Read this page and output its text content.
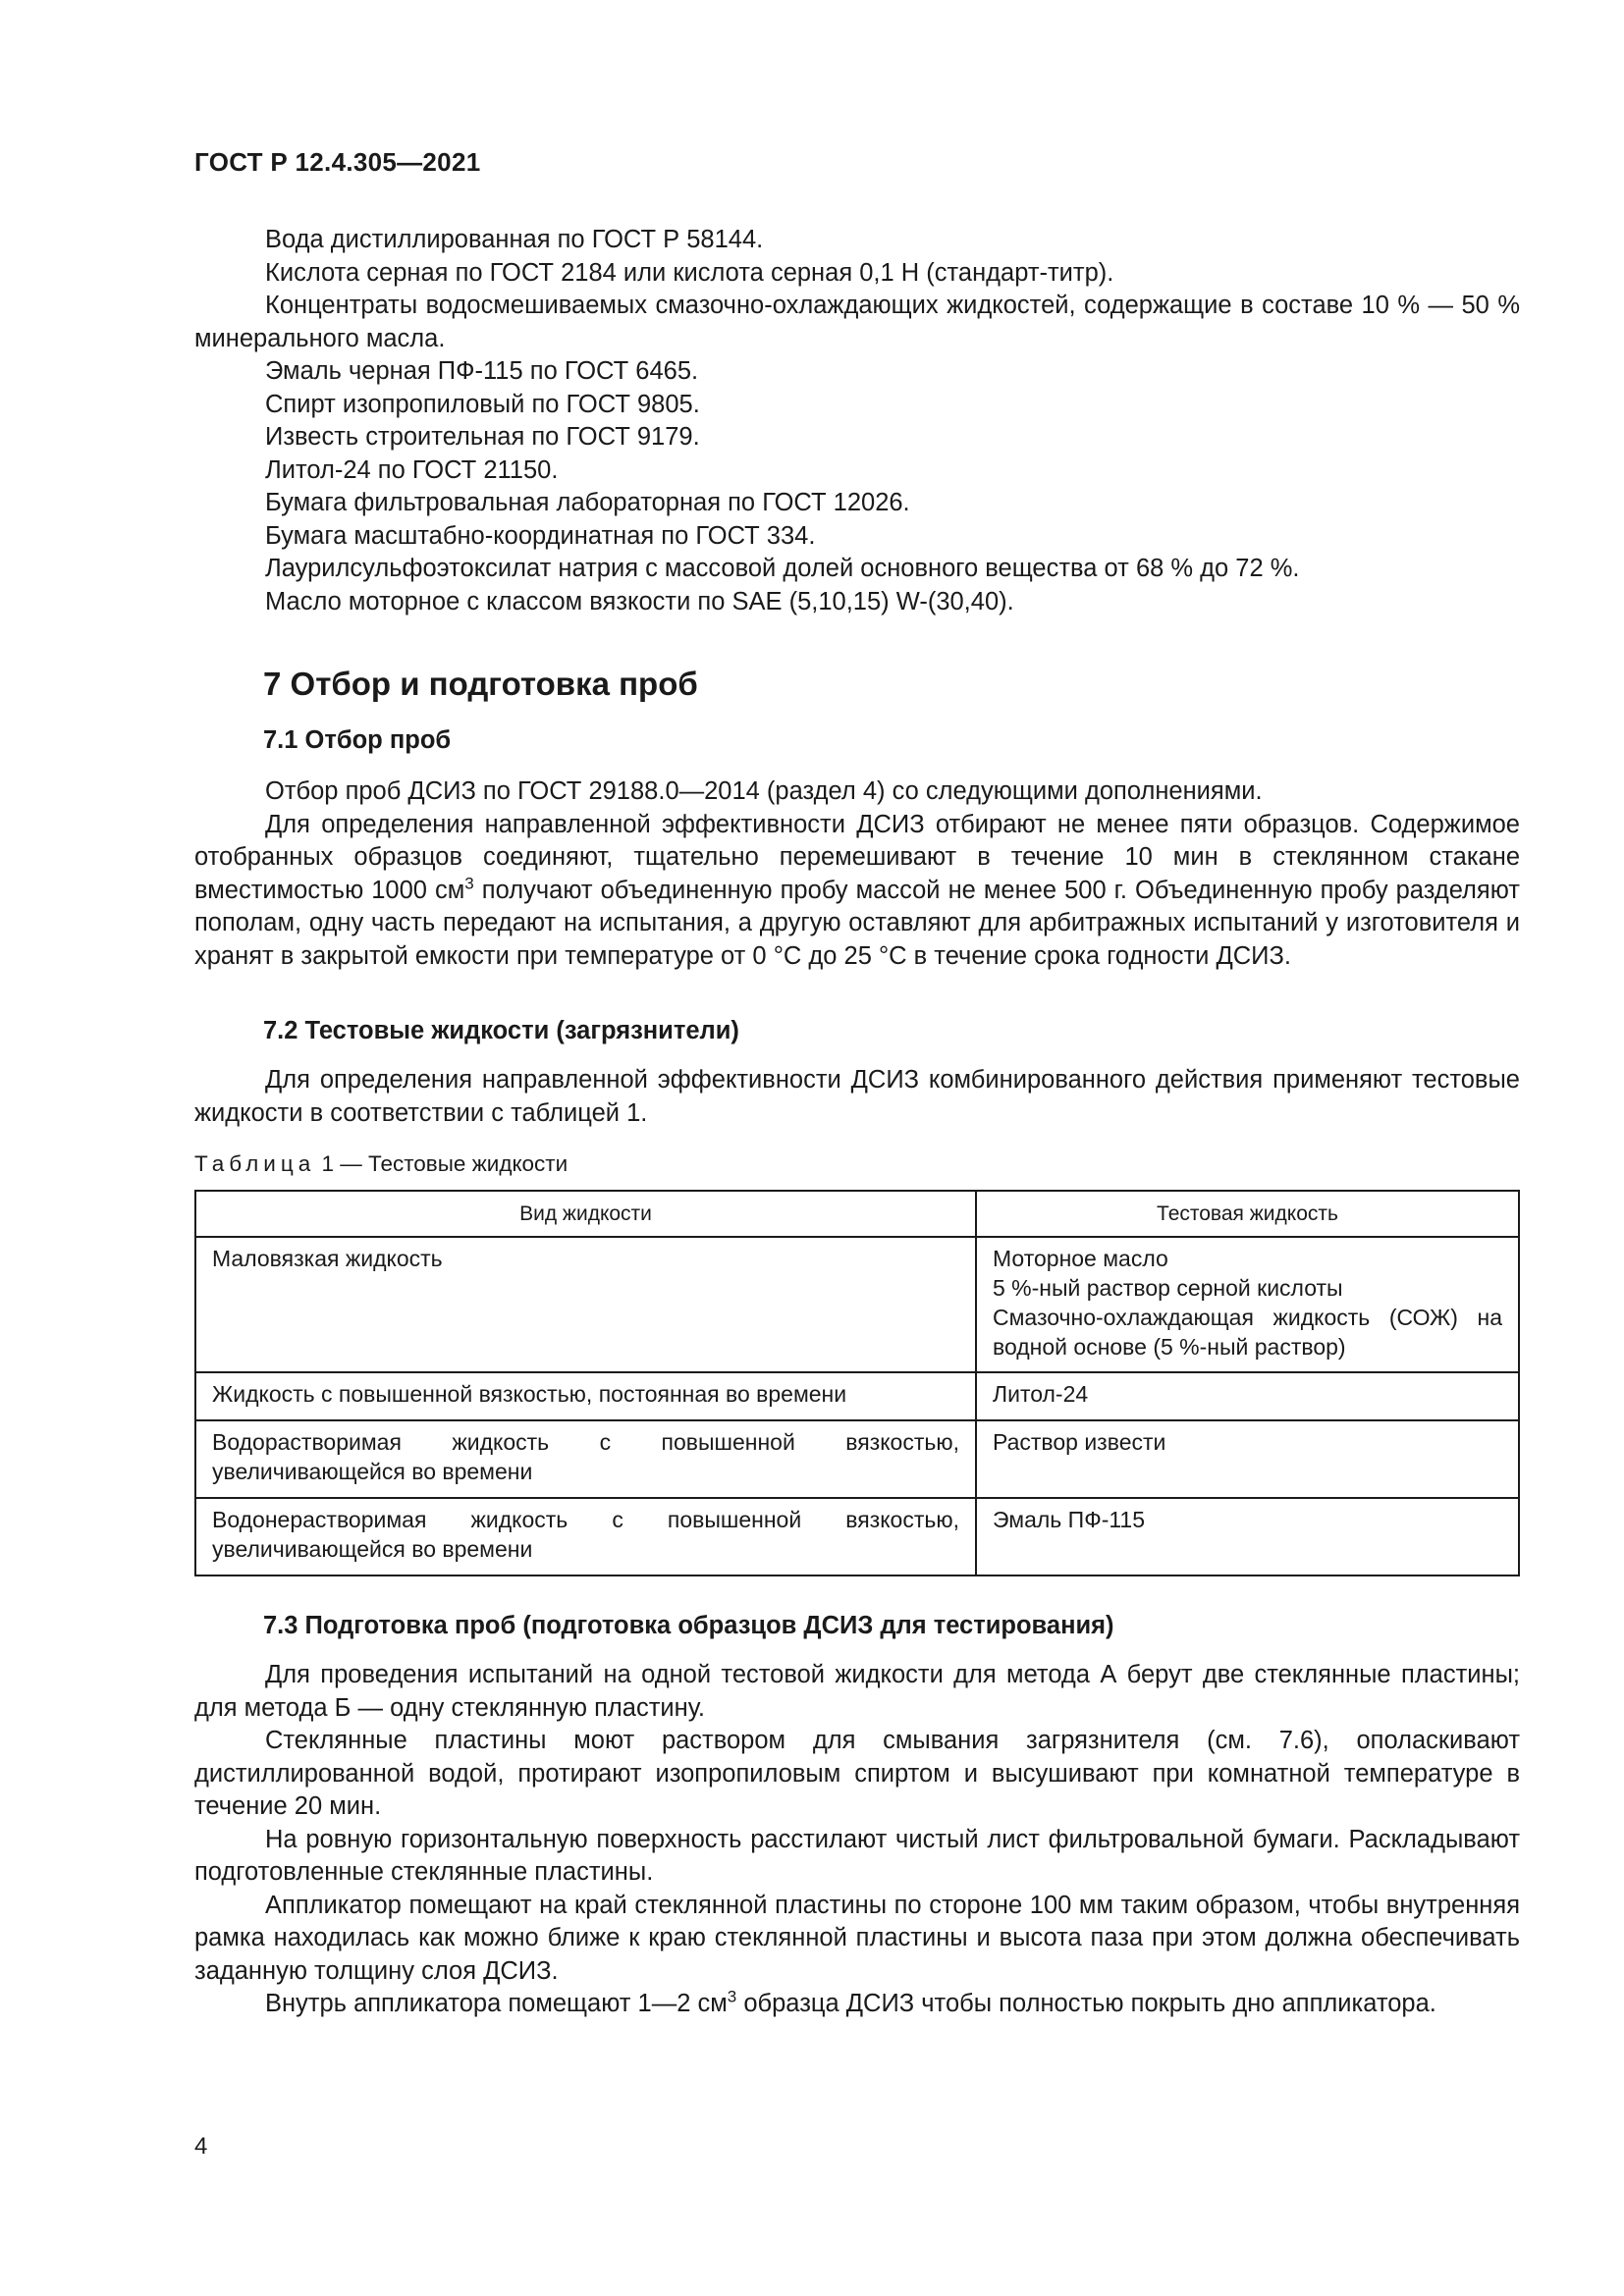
ГОСТ Р 12.4.305—2021

Вода дистиллированная по ГОСТ Р 58144.

Кислота серная по ГОСТ 2184 или кислота серная 0,1 Н (стандарт-титр).

Концентраты водосмешиваемых смазочно-охлаждающих жидкостей, содержащие в составе 10 % — 50 % минерального масла.

Эмаль черная ПФ-115 по ГОСТ 6465.

Спирт изопропиловый по ГОСТ 9805.

Известь строительная по ГОСТ 9179.

Литол-24 по ГОСТ 21150.

Бумага фильтровальная лабораторная по ГОСТ 12026.

Бумага масштабно-координатная по ГОСТ 334.

Лаурилсульфоэтоксилат натрия с массовой долей основного вещества от 68 % до 72 %.

Масло моторное с классом вязкости по SAE (5,10,15) W-(30,40).

7 Отбор и подготовка проб
7.1 Отбор проб

Отбор проб ДСИЗ по ГОСТ 29188.0—2014 (раздел 4) со следующими дополнениями.

Для определения направленной эффективности ДСИЗ отбирают не менее пяти образцов. Содержимое отобранных образцов соединяют, тщательно перемешивают в течение 10 мин в стеклянном стакане вместимостью 1000 $см^3$ получают объединенную пробу массой не менее 500 г. Объединенную пробу разделяют пополам, одну часть передают на испытания, а другую оставляют для арбитражных испытаний у изготовителя и хранят в закрытой емкости при температуре от 0 °С до 25 °С в течение срока годности ДСИЗ.

7.2 Тестовые жидкости (загрязнители)

Для определения направленной эффективности ДСИЗ комбинированного действия применяют тестовые жидкости в соответствии с таблицей 1.

Таблица 1 — Тестовые жидкости
Вид жидкости	Тестовая жидкость
Маловязкая жидкость	Моторное масло
5 %-ный раствор серной кислоты
Смазочно-охлаждающая жидкость (СОЖ) на водной основе (5 %-ный раствор)

Жидкость с повышенной вязкостью, постоянная во времени	Литол-24
Водорастворимая жидкость с повышенной вязкостью, увеличивающейся во времени	Раствор извести
Водонерастворимая жидкость с повышенной вязкостью, увеличивающейся во времени	Эмаль ПФ-115
7.3 Подготовка проб (подготовка образцов ДСИЗ для тестирования)

Для проведения испытаний на одной тестовой жидкости для метода А берут две стеклянные пластины; для метода Б — одну стеклянную пластину.

Стеклянные пластины моют раствором для смывания загрязнителя (см. 7.6), ополаскивают дистиллированной водой, протирают изопропиловым спиртом и высушивают при комнатной температуре в течение 20 мин.

На ровную горизонтальную поверхность расстилают чистый лист фильтровальной бумаги. Раскладывают подготовленные стеклянные пластины.

Аппликатор помещают на край стеклянной пластины по стороне 100 мм таким образом, чтобы внутренняя рамка находилась как можно ближе к краю стеклянной пластины и высота паза при этом должна обеспечивать заданную толщину слоя ДСИЗ.

Внутрь аппликатора помещают 1—2 $см^3$ образца ДСИЗ чтобы полностью покрыть дно аппликатора.

4
